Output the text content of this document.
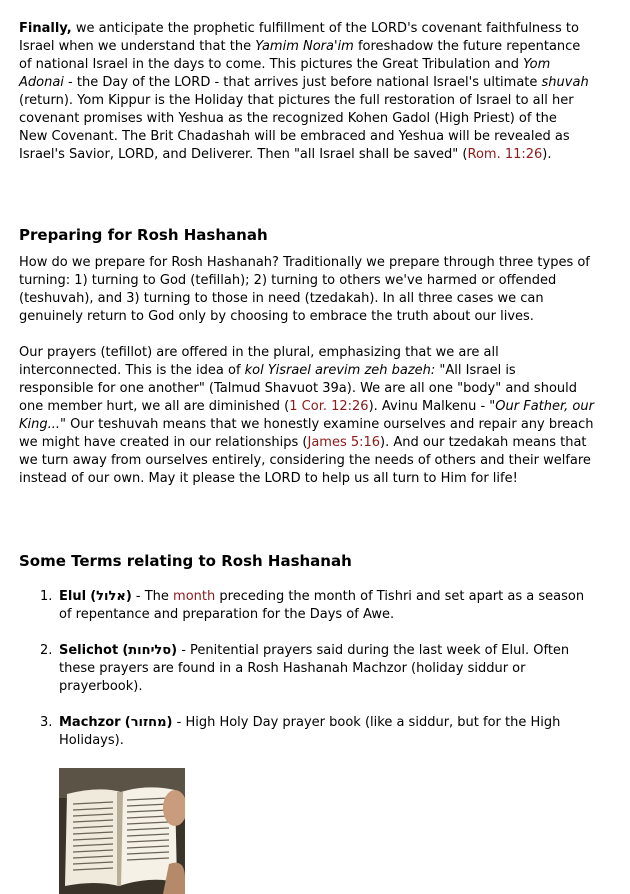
Finally, we anticipate the prophetic fulfillment of the LORD's covenant faithfulness to Israel when we understand that the Yamim Nora'im foreshadow the future repentance of national Israel in the days to come. This pictures the Great Tribulation and Yom Adonai - the Day of the LORD - that arrives just before national Israel's ultimate shuvah (return). Yom Kippur is the Holiday that pictures the full restoration of Israel to all her covenant promises with Yeshua as the recognized Kohen Gadol (High Priest) of the New Covenant. The Brit Chadashah will be embraced and Yeshua will be revealed as Israel's Savior, LORD, and Deliverer. Then "all Israel shall be saved" (Rom. 11:26).

Preparing for Rosh Hashanah

How do we prepare for Rosh Hashanah? Traditionally we prepare through three types of turning: 1) turning to God (tefillah); 2) turning to others we've harmed or offended (teshuvah), and 3) turning to those in need (tzedakah). In all three cases we can genuinely return to God only by choosing to embrace the truth about our lives.

Our prayers (tefillot) are offered in the plural, emphasizing that we are all interconnected. This is the idea of kol Yisrael arevim zeh bazeh: "All Israel is responsible for one another" (Talmud Shavuot 39a). We are all one "body" and should one member hurt, we all are diminished (1 Cor. 12:26). Avinu Malkenu - "Our Father, our King..." Our teshuvah means that we honestly examine ourselves and repair any breach we might have created in our relationships (James 5:16). And our tzedakah means that we turn away from ourselves entirely, considering the needs of others and their welfare instead of our own. May it please the LORD to help us all turn to Him for life!

Some Terms relating to Rosh Hashanah
1. Elul (אלול) - The month preceding the month of Tishri and set apart as a season of repentance and preparation for the Days of Awe.
2. Selichot (סליחות) - Penitential prayers said during the last week of Elul. Often these prayers are found in a Rosh Hashanah Machzor (holiday siddur or prayerbook).
3. Machzor (מחזור) - High Holy Day prayer book (like a siddur, but for the High Holidays).
